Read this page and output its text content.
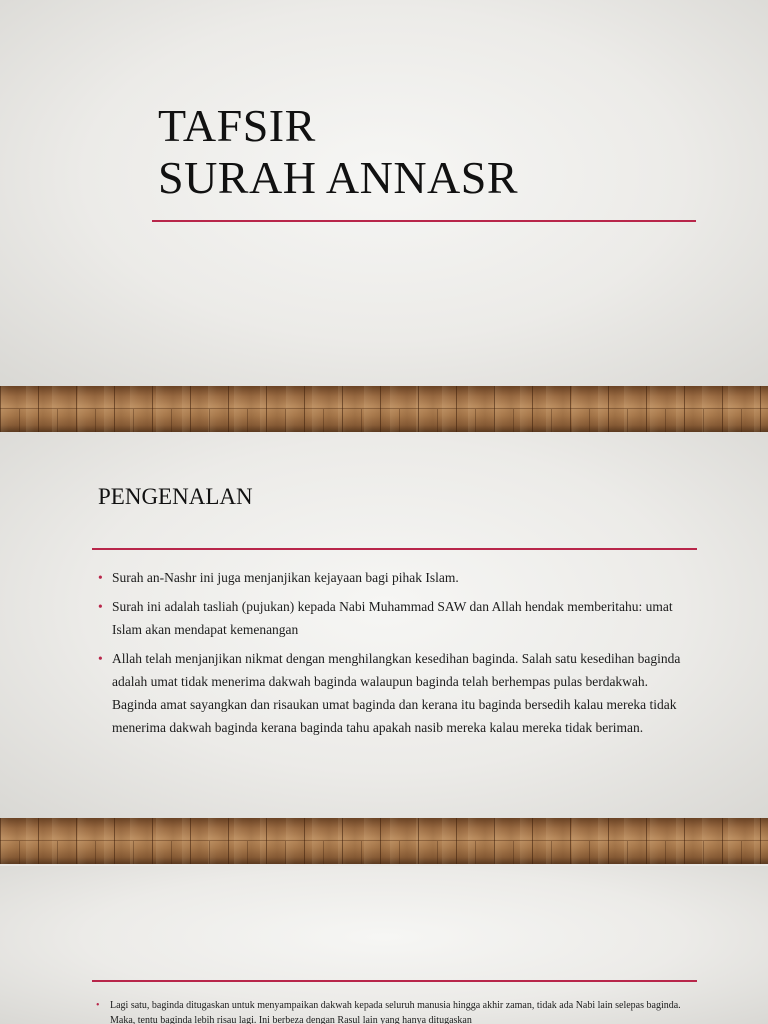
TAFSIR
SURAH ANNASR
PENGENALAN
• Surah an-Nashr ini juga menjanjikan kejayaan bagi pihak Islam.
• Surah ini adalah tasliah (pujukan) kepada Nabi Muhammad SAW dan Allah hendak memberitahu: umat Islam akan mendapat kemenangan
• Allah telah menjanjikan nikmat dengan menghilangkan kesedihan baginda. Salah satu kesedihan baginda adalah umat tidak menerima dakwah baginda walaupun baginda telah berhempas pulas berdakwah. Baginda amat sayangkan dan risaukan umat baginda dan kerana itu baginda bersedih kalau mereka tidak menerima dakwah baginda kerana baginda tahu apakah nasib mereka kalau mereka tidak beriman.
• Lagi satu, baginda ditugaskan untuk menyampaikan dakwah kepada seluruh manusia hingga akhir zaman, tidak ada Nabi lain selepas baginda. Maka, tentu baginda lebih risau lagi. Ini berbeza dengan Rasul lain yang hanya ditugaskan
